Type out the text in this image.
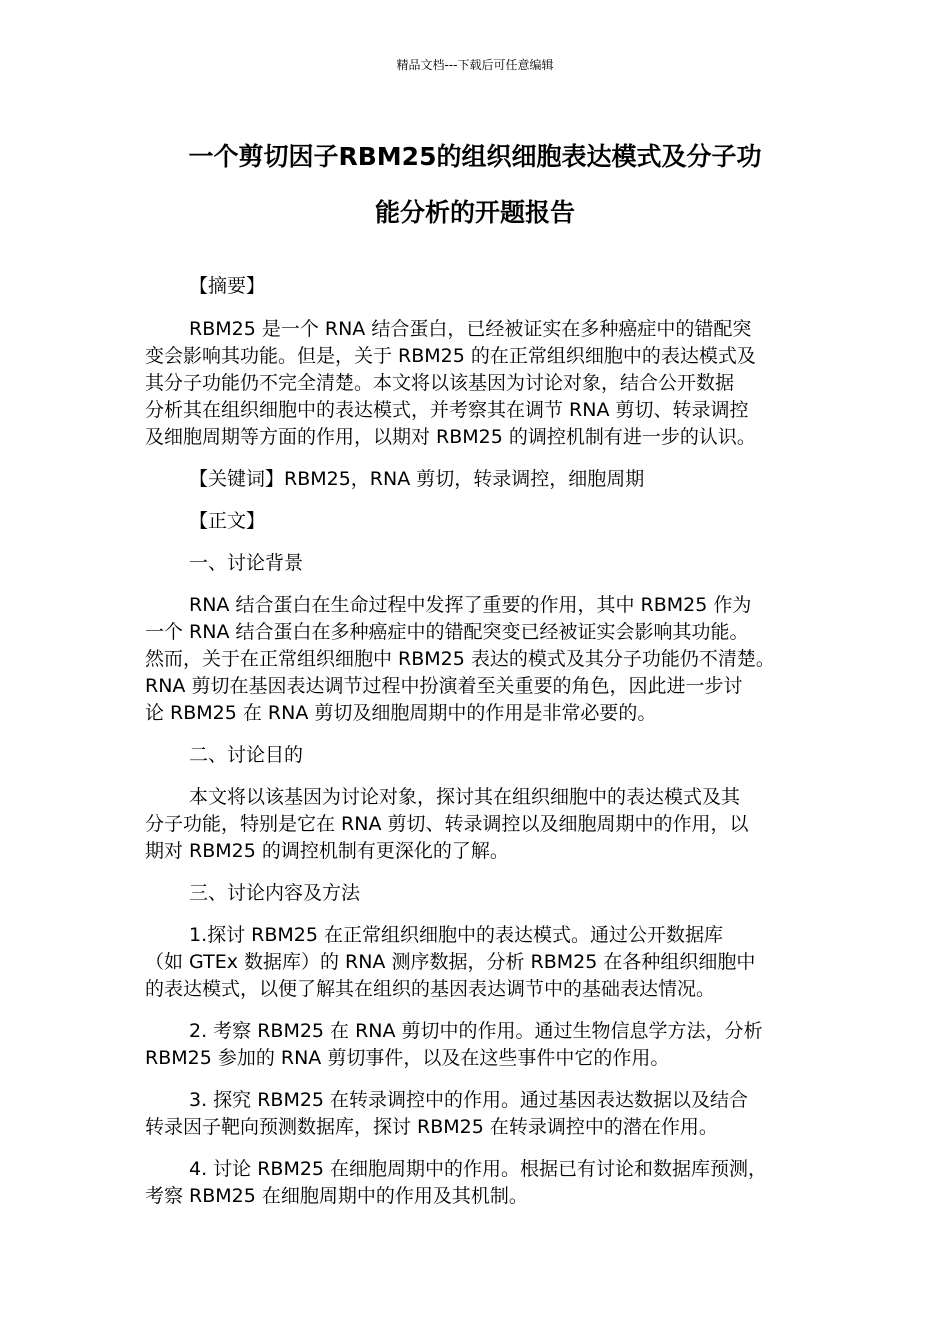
精品文档---下载后可任意编辑
一个剪切因子RBM25的组织细胞表达模式及分子功
能分析的开题报告
【摘要】
RBM25 是一个 RNA 结合蛋白，已经被证实在多种癌症中的错配突
变会影响其功能。但是，关于 RBM25 的在正常组织细胞中的表达模式及
其分子功能仍不完全清楚。本文将以该基因为讨论对象，结合公开数据
分析其在组织细胞中的表达模式，并考察其在调节 RNA 剪切、转录调控
及细胞周期等方面的作用，以期对 RBM25 的调控机制有进一步的认识。
【关键词】RBM25，RNA 剪切，转录调控，细胞周期
【正文】
一、讨论背景
RNA 结合蛋白在生命过程中发挥了重要的作用，其中 RBM25 作为
一个 RNA 结合蛋白在多种癌症中的错配突变已经被证实会影响其功能。
然而，关于在正常组织细胞中 RBM25 表达的模式及其分子功能仍不清楚。
RNA 剪切在基因表达调节过程中扮演着至关重要的角色，因此进一步讨
论 RBM25 在 RNA 剪切及细胞周期中的作用是非常必要的。
二、讨论目的
本文将以该基因为讨论对象，探讨其在组织细胞中的表达模式及其
分子功能，特别是它在 RNA 剪切、转录调控以及细胞周期中的作用，以
期对 RBM25 的调控机制有更深化的了解。
三、讨论内容及方法
1.探讨 RBM25 在正常组织细胞中的表达模式。通过公开数据库
（如 GTEx 数据库）的 RNA 测序数据，分析 RBM25 在各种组织细胞中
的表达模式，以便了解其在组织的基因表达调节中的基础表达情况。
2. 考察 RBM25 在 RNA 剪切中的作用。通过生物信息学方法，分析
RBM25 参加的 RNA 剪切事件，以及在这些事件中它的作用。
3. 探究 RBM25 在转录调控中的作用。通过基因表达数据以及结合
转录因子靶向预测数据库，探讨 RBM25 在转录调控中的潜在作用。
4. 讨论 RBM25 在细胞周期中的作用。根据已有讨论和数据库预测，
考察 RBM25 在细胞周期中的作用及其机制。
